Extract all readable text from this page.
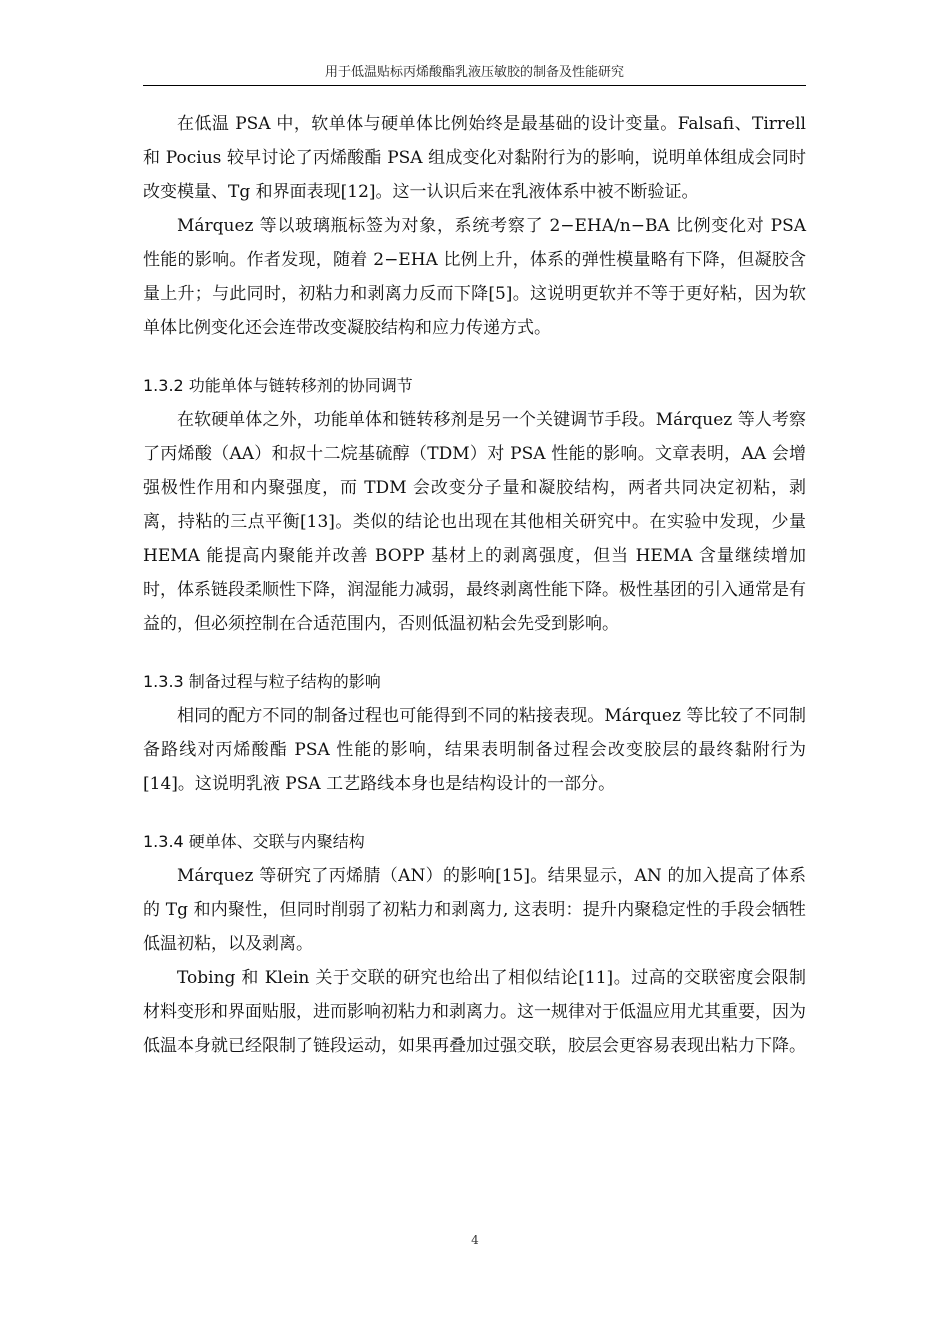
用于低温贴标丙烯酸酯乳液压敏胶的制备及性能研究

在低温 PSA 中，软单体与硬单体比例始终是最基础的设计变量。Falsafi、Tirrell 和 Pocius 较早讨论了丙烯酸酯 PSA 组成变化对黏附行为的影响，说明单体组成会同时改变模量、Tg 和界面表现[12]。这一认识后来在乳液体系中被不断验证。

Márquez 等以玻璃瓶标签为对象，系统考察了 2−EHA/n−BA 比例变化对 PSA 性能的影响。作者发现，随着 2−EHA 比例上升，体系的弹性模量略有下降，但凝胶含量上升；与此同时，初粘力和剥离力反而下降[5]。这说明更软并不等于更好粘，因为软单体比例变化还会连带改变凝胶结构和应力传递方式。

1.3.2 功能单体与链转移剂的协同调节

在软硬单体之外，功能单体和链转移剂是另一个关键调节手段。Márquez 等人考察了丙烯酸（AA）和叔十二烷基硫醇（TDM）对 PSA 性能的影响。文章表明，AA 会增强极性作用和内聚强度，而 TDM 会改变分子量和凝胶结构，两者共同决定初粘，剥离，持粘的三点平衡[13]。类似的结论也出现在其他相关研究中。在实验中发现，少量 HEMA 能提高内聚能并改善 BOPP 基材上的剥离强度，但当 HEMA 含量继续增加时，体系链段柔顺性下降，润湿能力减弱，最终剥离性能下降。极性基团的引入通常是有益的，但必须控制在合适范围内，否则低温初粘会先受到影响。

1.3.3 制备过程与粒子结构的影响

相同的配方不同的制备过程也可能得到不同的粘接表现。Márquez 等比较了不同制备路线对丙烯酸酯 PSA 性能的影响，结果表明制备过程会改变胶层的最终黏附行为[14]。这说明乳液 PSA 工艺路线本身也是结构设计的一部分。

1.3.4 硬单体、交联与内聚结构

Márquez 等研究了丙烯腈（AN）的影响[15]。结果显示，AN 的加入提高了体系的 Tg 和内聚性，但同时削弱了初粘力和剥离力, 这表明：提升内聚稳定性的手段会牺牲低温初粘，以及剥离。

Tobing 和 Klein 关于交联的研究也给出了相似结论[11]。过高的交联密度会限制材料变形和界面贴服，进而影响初粘力和剥离力。这一规律对于低温应用尤其重要，因为低温本身就已经限制了链段运动，如果再叠加过强交联，胶层会更容易表现出粘力下降。

4
